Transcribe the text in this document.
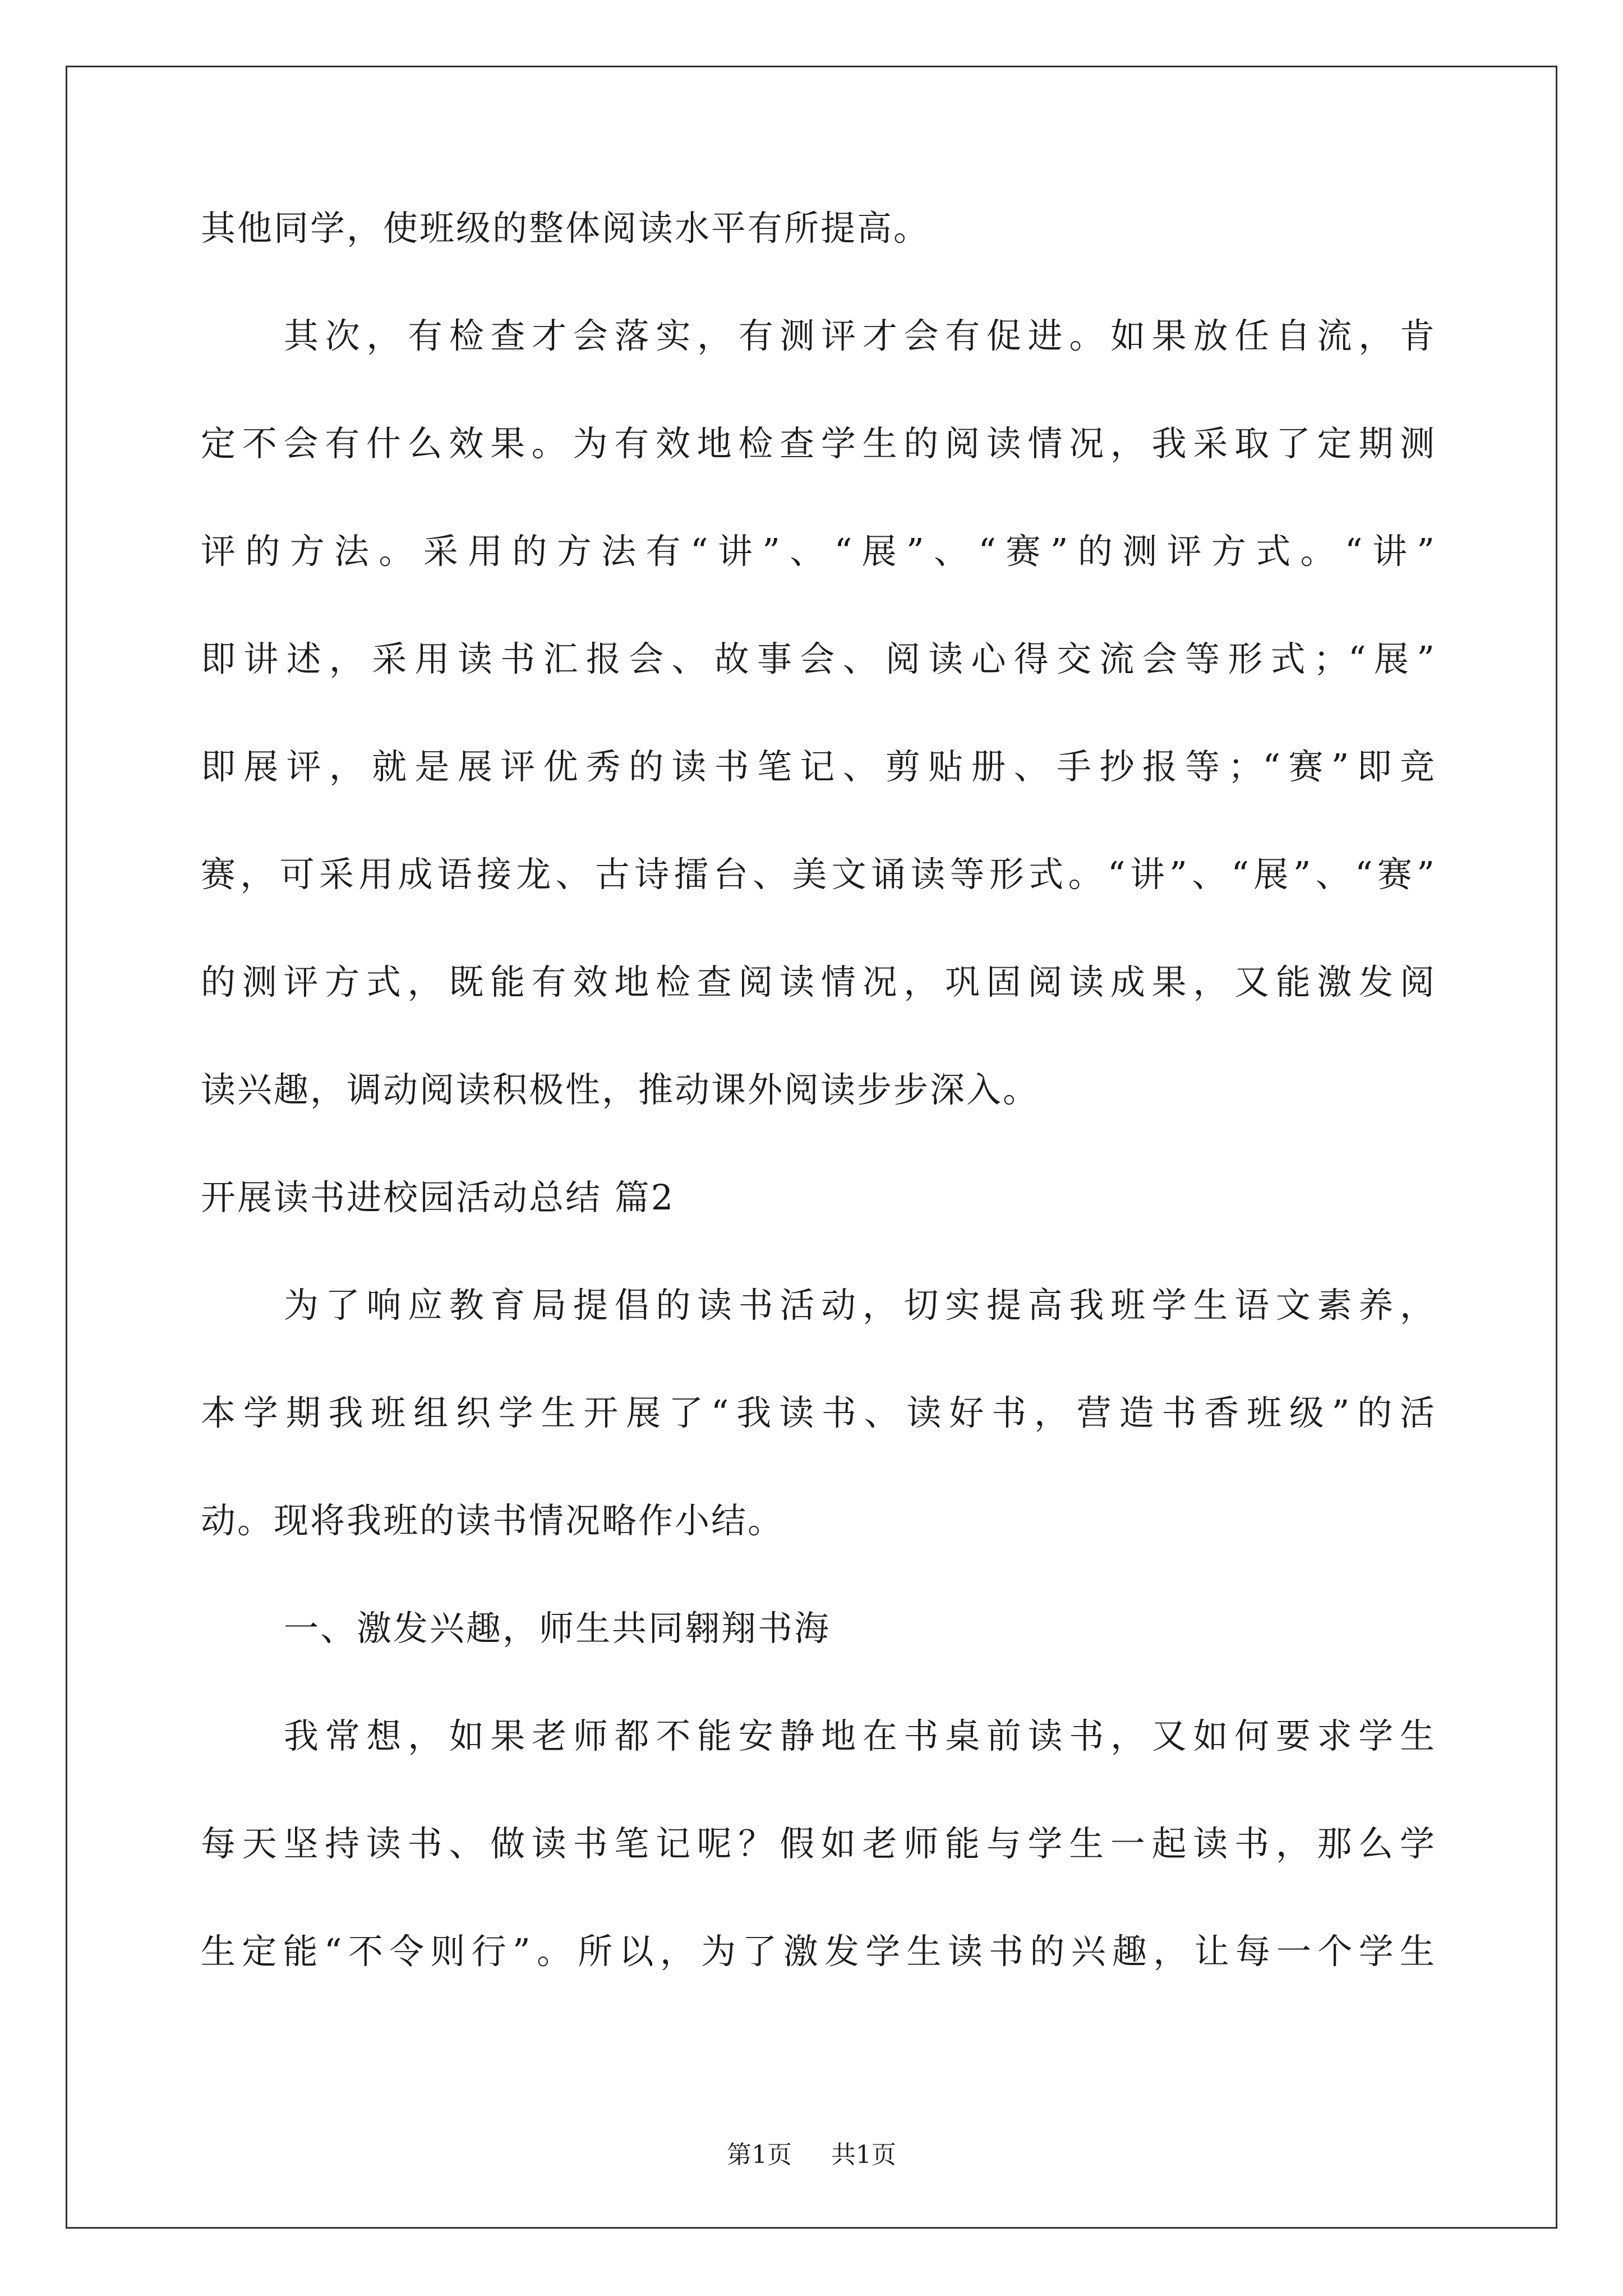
其他同学，使班级的整体阅读水平有所提高。
其次，有检查才会落实，有测评才会有促进。如果放任自流，肯
定不会有什么效果。为有效地检查学生的阅读情况，我采取了定期测
评的方法。采用的方法有“讲”、“展”、“赛”的测评方式。“讲”
即讲述，采用读书汇报会、故事会、阅读心得交流会等形式；“展”
即展评，就是展评优秀的读书笔记、剪贴册、手抄报等；“赛”即竞
赛，可采用成语接龙、古诗擂台、美文诵读等形式。“讲”、“展”、“赛”
的测评方式，既能有效地检查阅读情况，巩固阅读成果，又能激发阅
读兴趣，调动阅读积极性，推动课外阅读步步深入。
开展读书进校园活动总结 篇2
为了响应教育局提倡的读书活动，切实提高我班学生语文素养，
本学期我班组织学生开展了“我读书、读好书，营造书香班级”的活
动。现将我班的读书情况略作小结。
一、激发兴趣，师生共同翱翔书海
我常想，如果老师都不能安静地在书桌前读书，又如何要求学生
每天坚持读书、做读书笔记呢？假如老师能与学生一起读书，那么学
生定能“不令则行”。所以，为了激发学生读书的兴趣，让每一个学生
第1页 共1页
